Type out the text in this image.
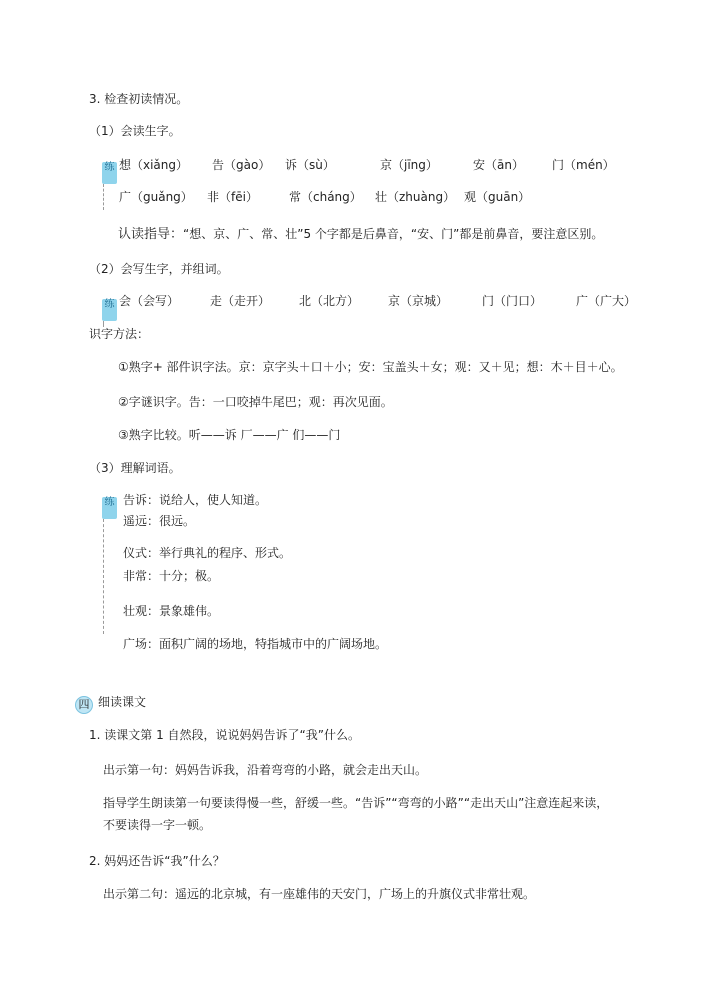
3. 检查初读情况。
（1）会读生字。
练 想（xiǎng） 告（gào） 诉（sù）	京（jīng）	安（ān） 门（mén）
广（guǎng） 非（fēi）	常（cháng） 壮（zhuàng） 观（guān）
认读指导：“想、京、广、常、壮”5 个字都是后鼻音，“安、门”都是前鼻音，要注意区别。
（2）会写生字，并组词。
练 会（会写）	走（走开） 北（北方） 京（京城）	门（门口）	广（广大）
识字方法：
①熟字+ 部件识字法。京：京字头＋口＋小；安：宝盖头＋女；观：又＋见；想：木＋目＋心。
②字谜识字。告：一口咬掉牛尾巴；观：再次见面。
③熟字比较。听——诉 厂——广 们——门
（3）理解词语。
练 告诉：说给人，使人知道。
遥远：很远。
仪式：举行典礼的程序、形式。
非常：十分；极。
壮观：景象雄伟。
广场：面积广阔的场地，特指城市中的广阔场地。
四 细读课文
1. 读课文第 1 自然段，说说妈妈告诉了“我”什么。
出示第一句：妈妈告诉我，沿着弯弯的小路，就会走出天山。
指导学生朗读第一句要读得慢一些，舒缓一些。“告诉”“弯弯的小路”“走出天山”注意连起来读，
不要读得一字一顿。
2. 妈妈还告诉“我”什么？
出示第二句：遥远的北京城，有一座雄伟的天安门，广场上的升旗仪式非常壮观。
